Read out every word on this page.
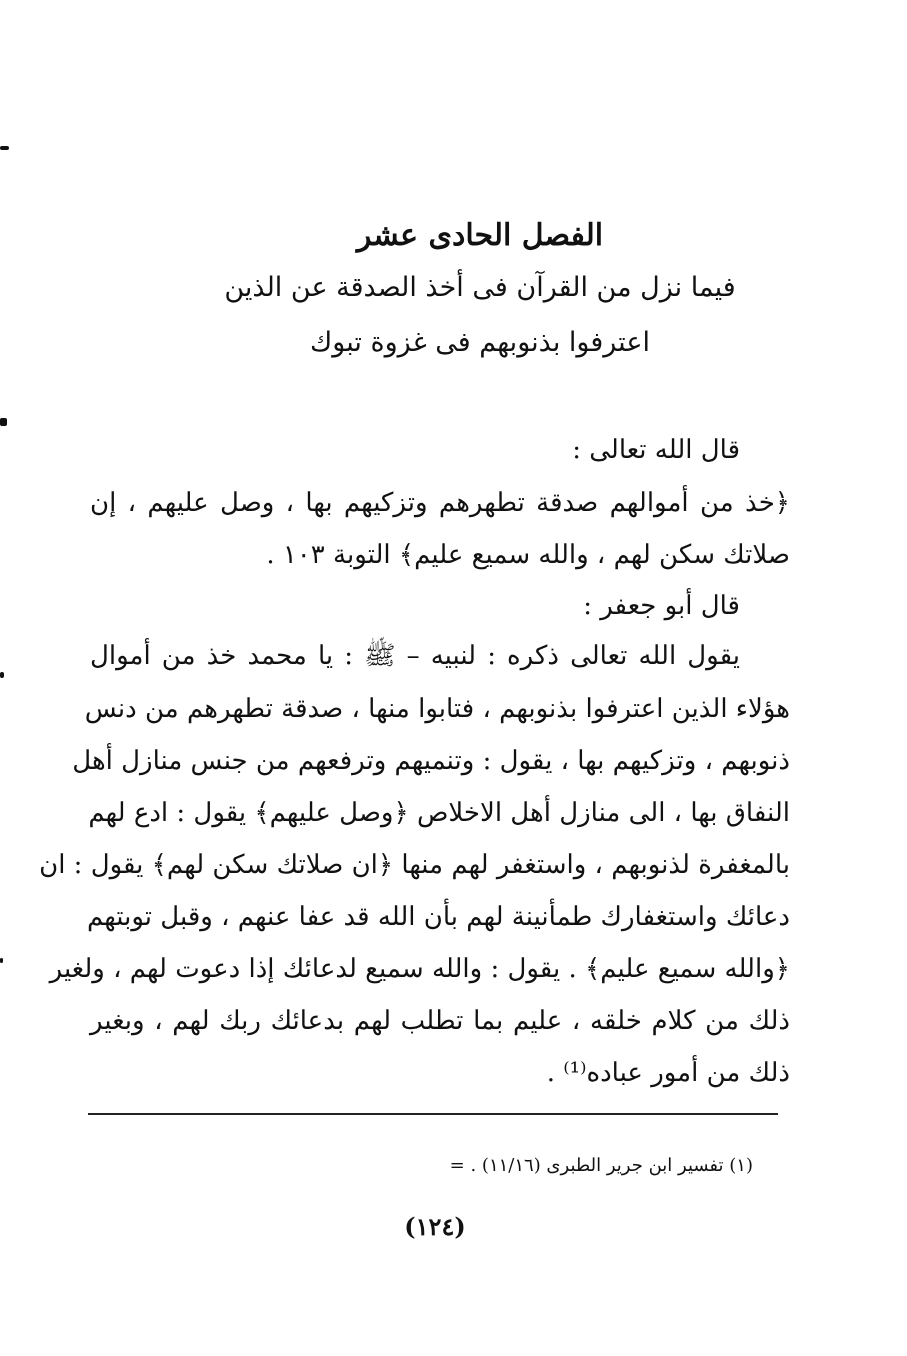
الفصل الحادى عشر
فيما نزل من القرآن فى أخذ الصدقة عن الذين
اعترفوا بذنوبهم فى غزوة تبوك
قال الله تعالى :
﴿خذ من أموالهم صدقة تطهرهم وتزكيهم بها ، وصل عليهم ، إن
صلاتك سكن لهم ، والله سميع عليم﴾ التوبة ١٠٣ .
قال أبو جعفر :
يقول الله تعالى ذكره : لنبيه – ﷺ : يا محمد خذ من أموال
هؤلاء الذين اعترفوا بذنوبهم ، فتابوا منها ، صدقة تطهرهم من دنس
ذنوبهم ، وتزكيهم بها ، يقول : وتنميهم وترفعهم من جنس منازل أهل
النفاق بها ، الى منازل أهل الاخلاص ﴿وصل عليهم﴾ يقول : ادع لهم
بالمغفرة لذنوبهم ، واستغفر لهم منها ﴿ان صلاتك سكن لهم﴾ يقول : ان
دعائك واستغفارك طمأنينة لهم بأن الله قد عفا عنهم ، وقبل توبتهم
﴿والله سميع عليم﴾ . يقول : والله سميع لدعائك إذا دعوت لهم ، ولغير
ذلك من كلام خلقه ، عليم بما تطلب لهم بدعائك ربك لهم ، وبغير
ذلك من أمور عباده⁽¹⁾ .
(١) تفسير ابن جرير الطبرى (١١/١٦) . =
(١٢٤)
